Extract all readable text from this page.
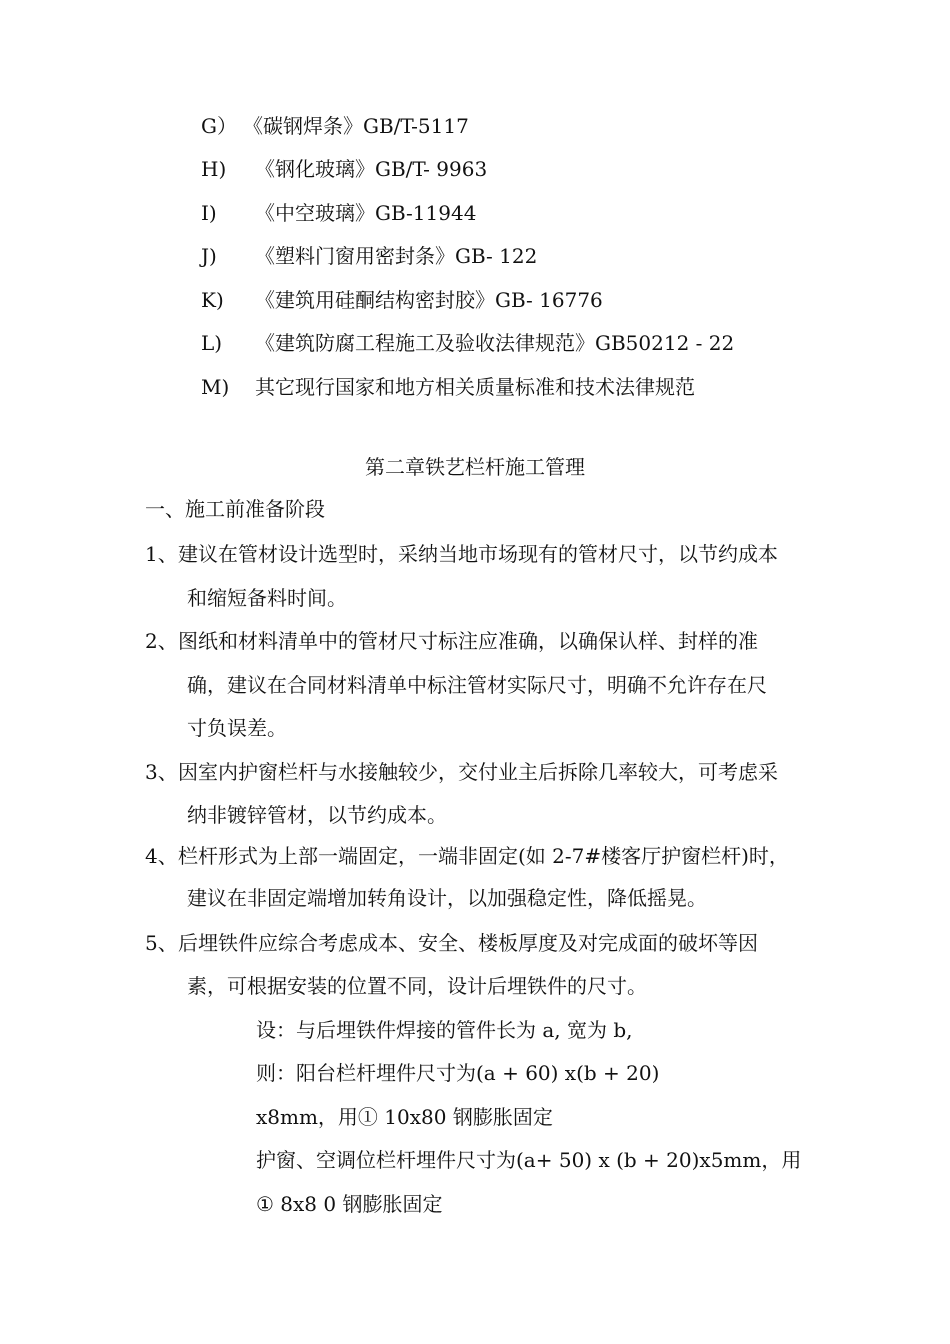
G） 《碳钢焊条》GB/T-5117

H) 《钢化玻璃》GB/T- 9963

I) 《中空玻璃》GB-11944

J) 《塑料门窗用密封条》GB- 122

K) 《建筑用硅酮结构密封胶》GB- 16776

L) 《建筑防腐工程施工及验收法律规范》GB50212 - 22

M) 其它现行国家和地方相关质量标准和技术法律规范

第二章铁艺栏杆施工管理
一、施工前准备阶段

1、 建议在管材设计选型时，采纳当地市场现有的管材尺寸，以节约成本

和缩短备料时间。

2、 图纸和材料清单中的管材尺寸标注应准确，以确保认样、封样的准

确，建议在合同材料清单中标注管材实际尺寸，明确不允许存在尺

寸负误差。

3、 因室内护窗栏杆与水接触较少，交付业主后拆除几率较大，可考虑采

纳非镀锌管材，以节约成本。

4、 栏杆形式为上部一端固定，一端非固定(如 2-7#楼客厅护窗栏杆)时，

建议在非固定端增加转角设计，以加强稳定性，降低摇晃。

5、 后埋铁件应综合考虑成本、安全、楼板厚度及对完成面的破坏等因

素，可根据安装的位置不同，设计后埋铁件的尺寸。

设：与后埋铁件焊接的管件长为 a, 宽为 b,

则：阳台栏杆埋件尺寸为(a + 60) x(b + 20)

x8mm，用① 10x80 钢膨胀固定

护窗、空调位栏杆埋件尺寸为(a+ 50) x (b + 20)x5mm，用

① 8x8 0 钢膨胀固定
